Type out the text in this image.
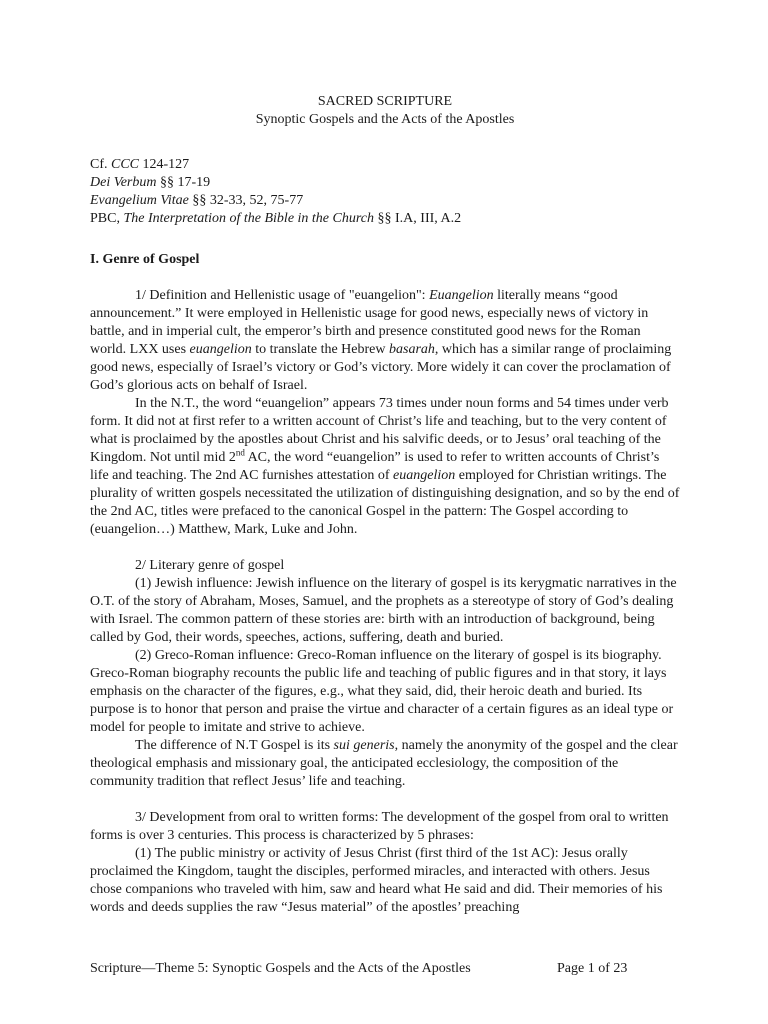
SACRED SCRIPTURE
Synoptic Gospels and the Acts of the Apostles
Cf. CCC 124-127
Dei Verbum §§ 17-19
Evangelium Vitae §§ 32-33, 52, 75-77
PBC, The Interpretation of the Bible in the Church §§ I.A, III, A.2
I. Genre of Gospel

1/ Definition and Hellenistic usage of "euangelion": Euangelion literally means “good announcement.” It were employed in Hellenistic usage for good news, especially news of victory in battle, and in imperial cult, the emperor’s birth and presence constituted good news for the Roman world. LXX uses euangelion to translate the Hebrew basarah, which has a similar range of proclaiming good news, especially of Israel’s victory or God’s victory. More widely it can cover the proclamation of God’s glorious acts on behalf of Israel.

In the N.T., the word “euangelion” appears 73 times under noun forms and 54 times under verb form. It did not at first refer to a written account of Christ’s life and teaching, but to the very content of what is proclaimed by the apostles about Christ and his salvific deeds, or to Jesus’ oral teaching of the Kingdom. Not until mid 2nd AC, the word “euangelion” is used to refer to written accounts of Christ’s life and teaching. The 2nd AC furnishes attestation of euangelion employed for Christian writings. The plurality of written gospels necessitated the utilization of distinguishing designation, and so by the end of the 2nd AC, titles were prefaced to the canonical Gospel in the pattern: The Gospel according to (euangelion…) Matthew, Mark, Luke and John.

2/ Literary genre of gospel

(1) Jewish influence: Jewish influence on the literary of gospel is its kerygmatic narratives in the O.T. of the story of Abraham, Moses, Samuel, and the prophets as a stereotype of story of God’s dealing with Israel. The common pattern of these stories are: birth with an introduction of background, being called by God, their words, speeches, actions, suffering, death and buried.

(2) Greco-Roman influence: Greco-Roman influence on the literary of gospel is its biography. Greco-Roman biography recounts the public life and teaching of public figures and in that story, it lays emphasis on the character of the figures, e.g., what they said, did, their heroic death and buried. Its purpose is to honor that person and praise the virtue and character of a certain figures as an ideal type or model for people to imitate and strive to achieve.

The difference of N.T Gospel is its sui generis, namely the anonymity of the gospel and the clear theological emphasis and missionary goal, the anticipated ecclesiology, the composition of the community tradition that reflect Jesus’ life and teaching.

3/ Development from oral to written forms: The development of the gospel from oral to written forms is over 3 centuries. This process is characterized by 5 phrases:

(1) The public ministry or activity of Jesus Christ (first third of the 1st AC): Jesus orally proclaimed the Kingdom, taught the disciples, performed miracles, and interacted with others. Jesus chose companions who traveled with him, saw and heard what He said and did. Their memories of his words and deeds supplies the raw “Jesus material” of the apostles’ preaching

Scripture—Theme 5: Synoptic Gospels and the Acts of the Apostles	Page 1 of 23
